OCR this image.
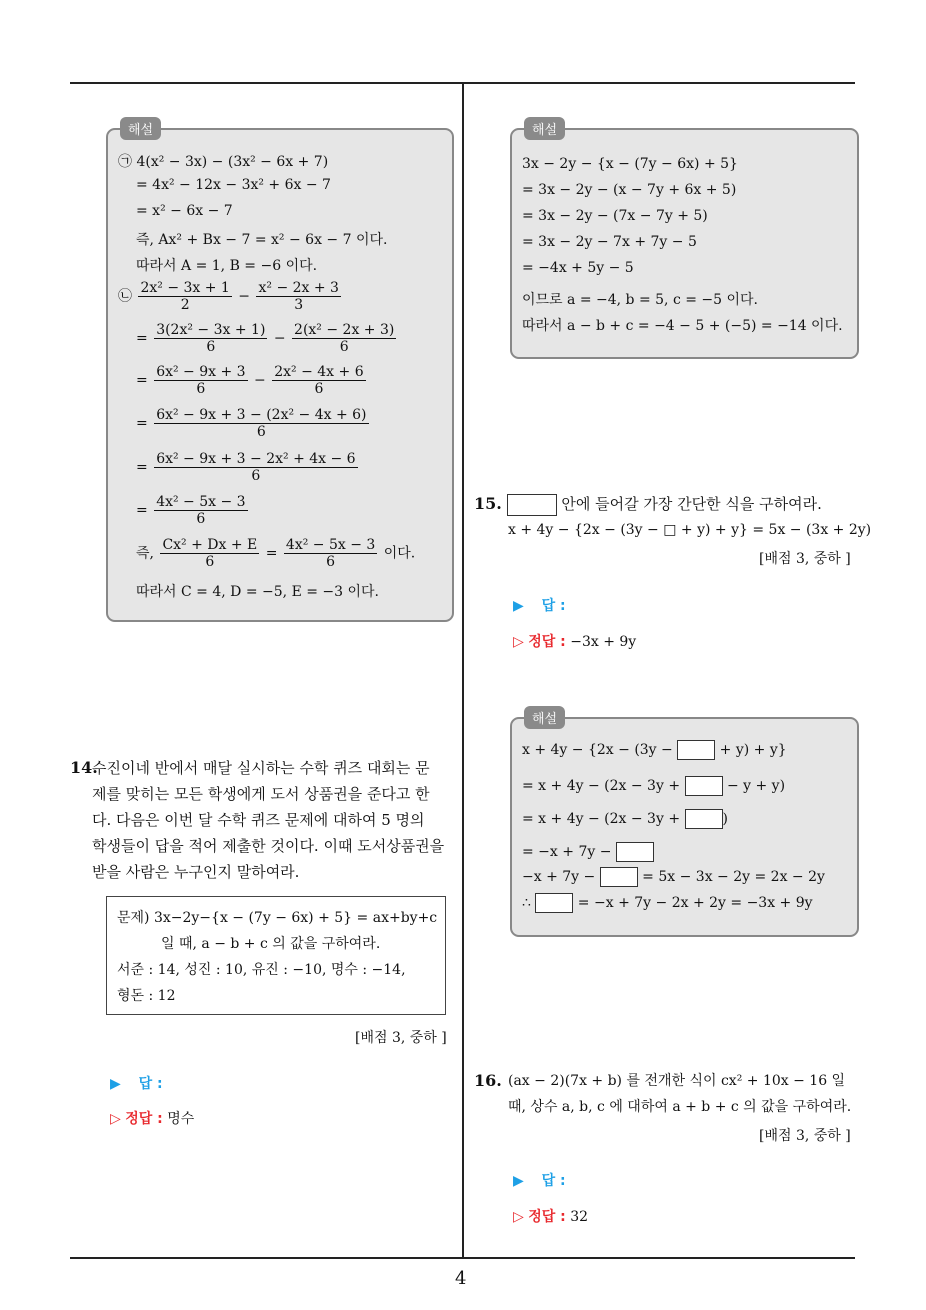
4
해설
㉠ 4(x² − 3x) − (3x² − 6x + 7)
= 4x² − 12x − 3x² + 6x − 7
= x² − 6x − 7
즉, Ax² + Bx − 7 = x² − 6x − 7 이다.
따라서 A = 1, B = −6 이다.
㉡ $\frac{\text{2x² − 3x + 1}}{2} - \frac{\text{x² − 2x + 3}}{3}$
= $\frac{\text{3(2x² − 3x + 1)}}{6} - \frac{\text{2(x² − 2x + 3)}}{6}$
= $\frac{\text{6x² − 9x + 3}}{6} - \frac{\text{2x² − 4x + 6}}{6}$
= $\frac{\text{6x² − 9x + 3 − (2x² − 4x + 6)}}{6}$
= $\frac{\text{6x² − 9x + 3 − 2x² + 4x − 6}}{6}$
= $\frac{\text{4x² − 5x − 3}}{6}$
즉, $\frac{\text{Cx² + Dx + E}}{6} = \frac{\text{4x² − 5x − 3}}{6}$ 이다.
따라서 C = 4, D = −5, E = −3 이다.
해설
3x − 2y − {x − (7y − 6x) + 5}
= 3x − 2y − (x − 7y + 6x + 5)
= 3x − 2y − (7x − 7y + 5)
= 3x − 2y − 7x + 7y − 5
= −4x + 5y − 5
이므로 a = −4, b = 5, c = −5 이다.
따라서 a − b + c = −4 − 5 + (−5) = −14 이다.
14.
수진이네 반에서 매달 실시하는 수학 퀴즈 대회는 문
제를 맞히는 모든 학생에게 도서 상품권을 준다고 한
다. 다음은 이번 달 수학 퀴즈 문제에 대하여 5 명의
학생들이 답을 적어 제출한 것이다. 이때 도서상품권을
받을 사람은 누구인지 말하여라.
문제) 3x−2y−{x − (7y − 6x) + 5} = ax+by+c
일 때, a − b + c 의 값을 구하여라.
서준 : 14, 성진 : 10, 유진 : −10, 명수 : −14,
형돈 : 12
[배점 3, 중하 ]
▶ 답 :
▷ 정답 : 명수
15.	안에 들어갈 가장 간단한 식을 구하여라.
x + 4y − {2x − (3y − □ + y) + y} = 5x − (3x + 2y)
[배점 3, 중하 ]
▶ 답 :
▷ 정답 : −3x + 9y
해설
x + 4y − {2x − (3y −	+ y) + y}
= x + 4y − (2x − 3y +	− y + y)
= x + 4y − (2x − 3y +	)
= −x + 7y −
−x + 7y −	= 5x − 3x − 2y = 2x − 2y
∴	= −x + 7y − 2x + 2y = −3x + 9y
16. (ax − 2)(7x + b) 를 전개한 식이 cx² + 10x − 16 일
때, 상수 a, b, c 에 대하여 a + b + c 의 값을 구하여라.
[배점 3, 중하 ]
▶ 답 :
▷ 정답 : 32
